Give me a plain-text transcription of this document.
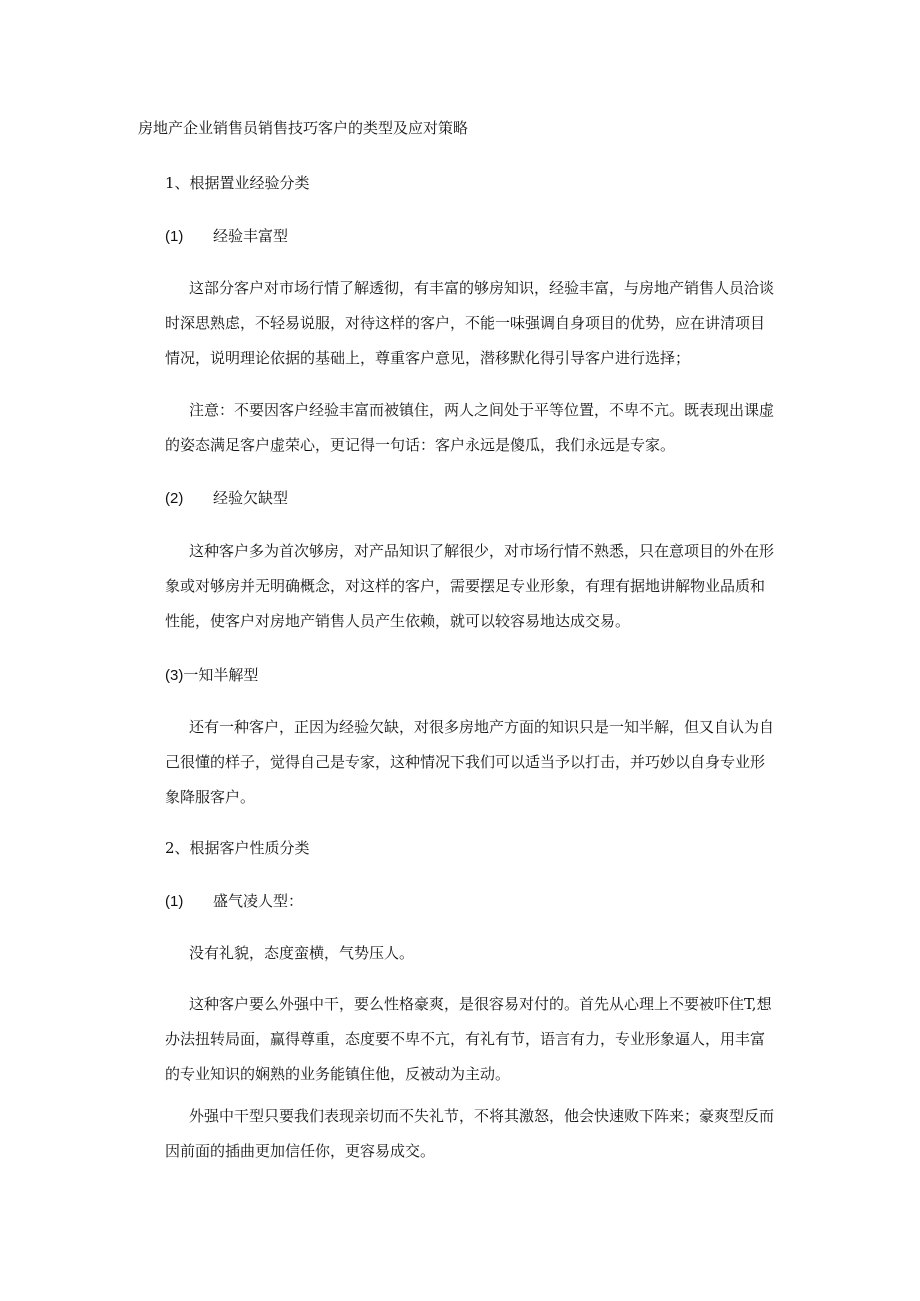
房地产企业销售员销售技巧客户的类型及应对策略
1、根据置业经验分类
(1) 经验丰富型
这部分客户对市场行情了解透彻，有丰富的够房知识，经验丰富，与房地产销售人员洽谈
时深思熟虑，不轻易说服，对待这样的客户，不能一味强调自身项目的优势，应在讲清项目
情况，说明理论依据的基础上，尊重客户意见，潜移默化得引导客户进行选择；
注意：不要因客户经验丰富而被镇住，两人之间处于平等位置，不卑不亢。既表现出课虚
的姿态满足客户虚荣心，更记得一句话：客户永远是傻瓜，我们永远是专家。
(2) 经验欠缺型
这种客户多为首次够房，对产品知识了解很少，对市场行情不熟悉，只在意项目的外在形
象或对够房并无明确概念，对这样的客户，需要摆足专业形象，有理有据地讲解物业品质和
性能，使客户对房地产销售人员产生依赖，就可以较容易地达成交易。
(3)一知半解型
还有一种客户，正因为经验欠缺，对很多房地产方面的知识只是一知半解，但又自认为自
己很懂的样子，觉得自己是专家，这种情况下我们可以适当予以打击，并巧妙以自身专业形
象降服客户。
2、根据客户性质分类
(1) 盛气凌人型：
没有礼貌，态度蛮横，气势压人。
这种客户要么外强中干，要么性格豪爽，是很容易对付的。首先从心理上不要被吓住T,想
办法扭转局面，赢得尊重，态度要不卑不亢，有礼有节，语言有力，专业形象逼人，用丰富
的专业知识的娴熟的业务能镇住他，反被动为主动。
外强中干型只要我们表现亲切而不失礼节，不将其激怒，他会快速败下阵来；豪爽型反而
因前面的插曲更加信任你，更容易成交。
